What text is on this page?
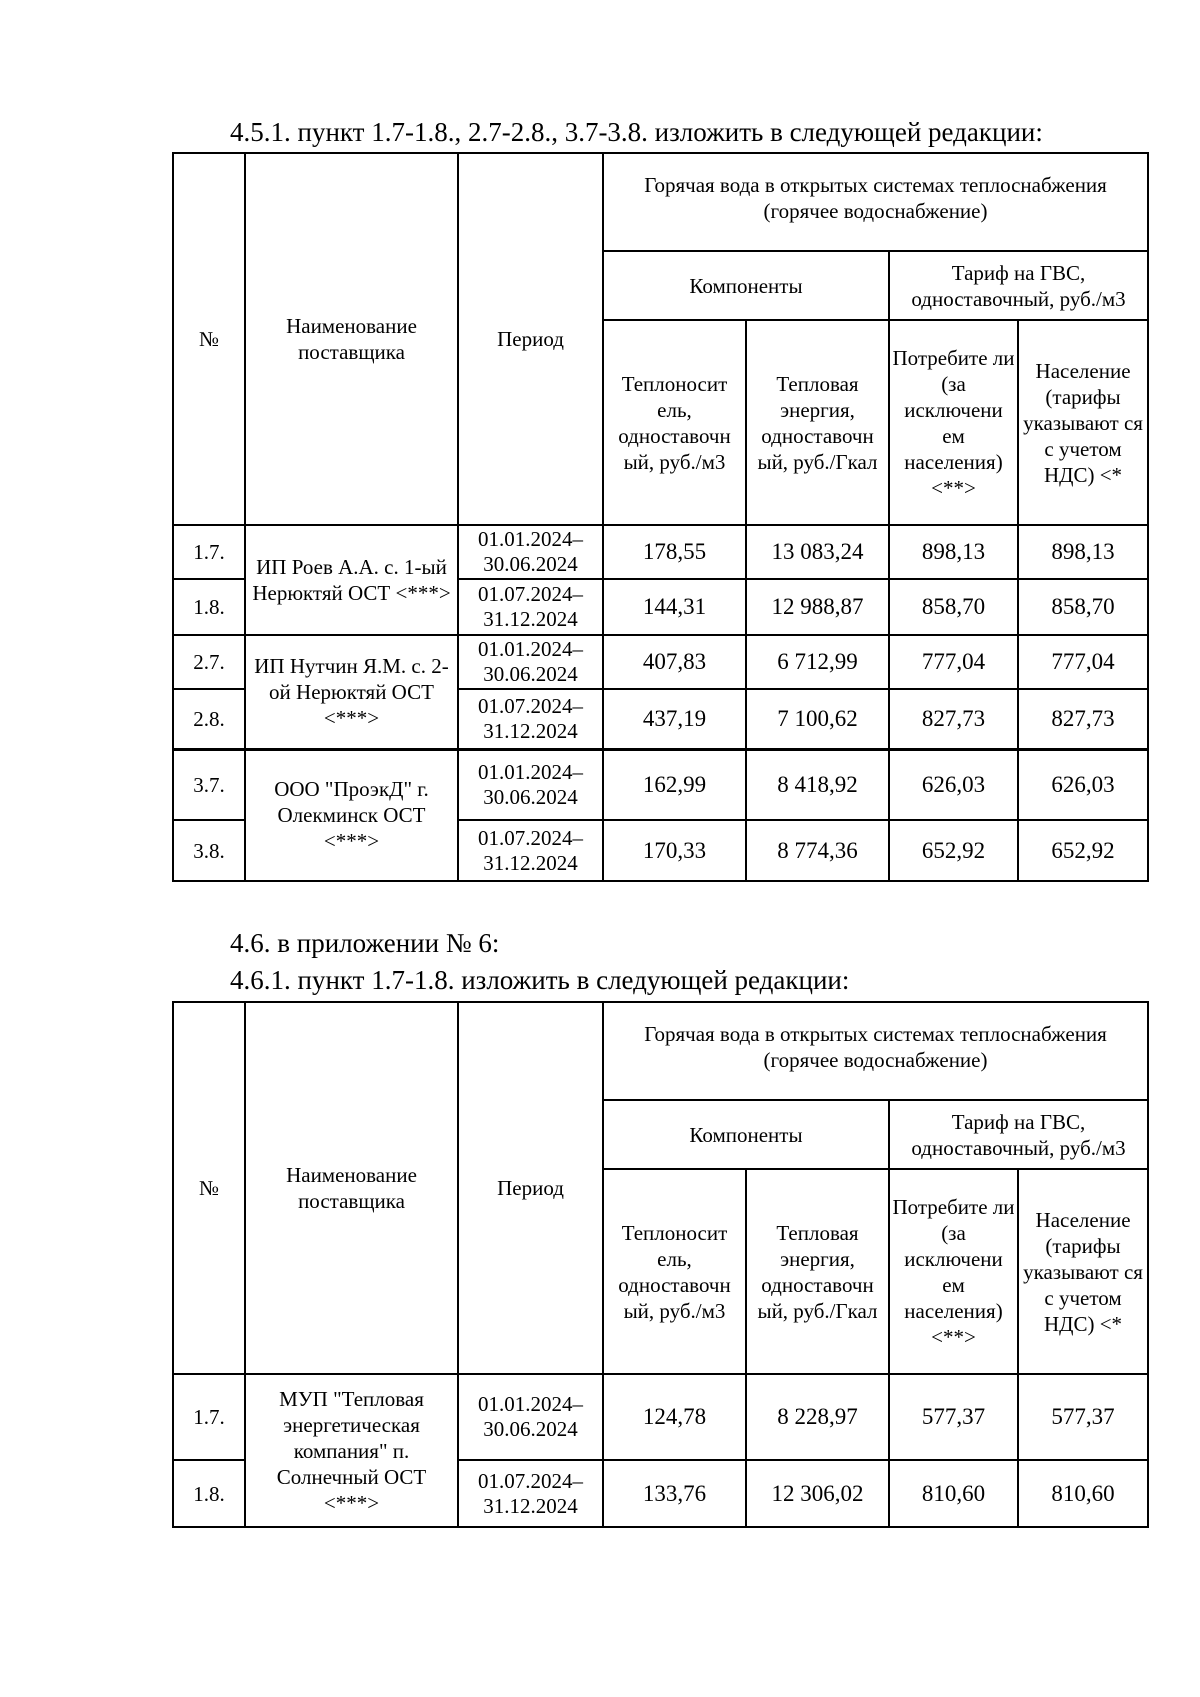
4.5.1. пункт 1.7-1.8., 2.7-2.8., 3.7-3.8. изложить в следующей редакции:
№	Наименование поставщика	Период	Горячая вода в открытых системах теплоснабжения (горячее водоснабжение)			
			Компоненты		Тариф на ГВС, одноставочный, руб./м3	
			Теплоносит ель, одноставочн ый, руб./м3	Тепловая энергия, одноставочн ый, руб./Гкал	Потребите ли (за исключени ем населения) <**>	Население (тарифы указывают ся с учетом НДС) <*
1.7.	ИП Роев А.А. с. 1-ый Нерюктяй ОСТ <***>	01.01.2024– 30.06.2024	178,55	13 083,24	898,13	898,13
1.8.		01.07.2024– 31.12.2024	144,31	12 988,87	858,70	858,70
2.7.	ИП Нутчин Я.М. с. 2-ой Нерюктяй ОСТ <***>	01.01.2024– 30.06.2024	407,83	6 712,99	777,04	777,04
2.8.		01.07.2024– 31.12.2024	437,19	7 100,62	827,73	827,73
3.7.	ООО "ПроэкД" г. Олекминск ОСТ <***>	01.01.2024– 30.06.2024	162,99	8 418,92	626,03	626,03
3.8.		01.07.2024– 31.12.2024	170,33	8 774,36	652,92	652,92
4.6. в приложении № 6:
4.6.1. пункт 1.7-1.8. изложить в следующей редакции:
№	Наименование поставщика	Период	Горячая вода в открытых системах теплоснабжения (горячее водоснабжение)			
			Компоненты		Тариф на ГВС, одноставочный, руб./м3	
			Теплоносит ель, одноставочн ый, руб./м3	Тепловая энергия, одноставочн ый, руб./Гкал	Потребите ли (за исключени ем населения) <**>	Население (тарифы указывают ся с учетом НДС) <*
1.7.	МУП "Тепловая энергетическая компания" п. Солнечный ОСТ <***>	01.01.2024– 30.06.2024	124,78	8 228,97	577,37	577,37
1.8.		01.07.2024– 31.12.2024	133,76	12 306,02	810,60	810,60
